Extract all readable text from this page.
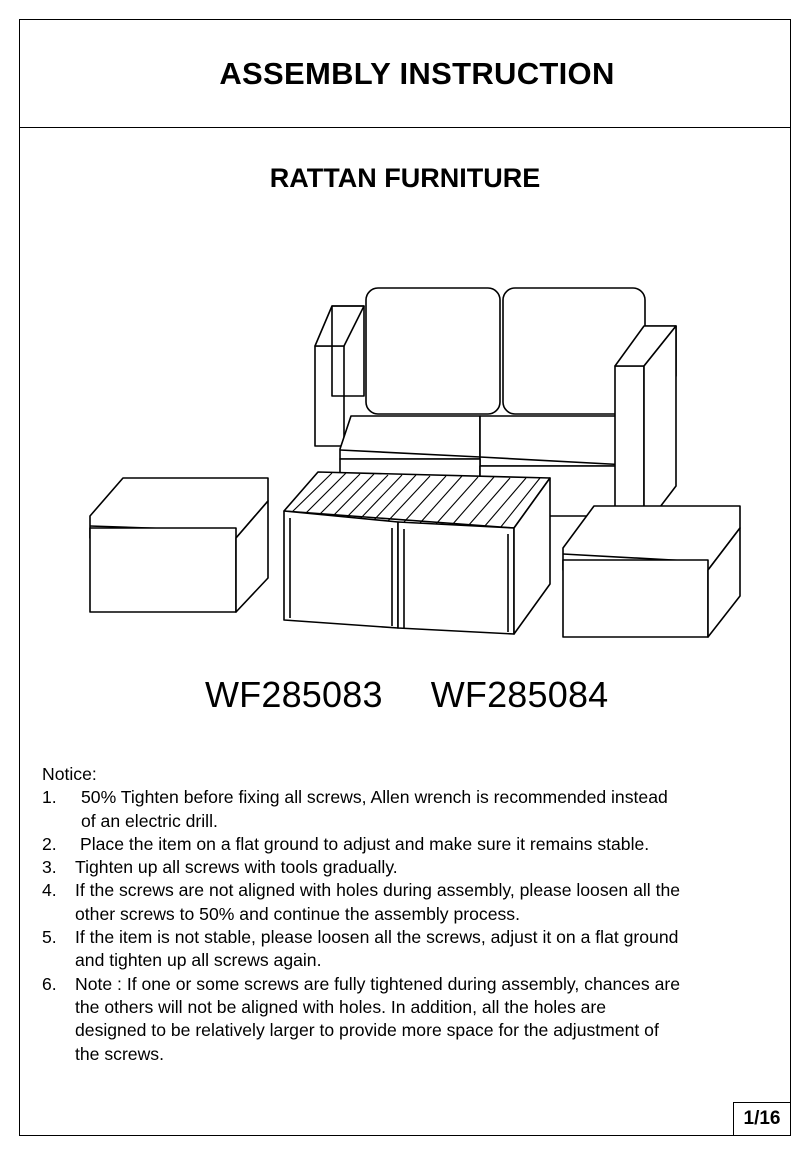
ASSEMBLY INSTRUCTION
RATTAN FURNITURE
WF285083 WF285084

Notice:

1. 50% Tighten before fixing all screws, Allen wrench is recommended instead of an electric drill.
2. Place the item on a flat ground to adjust and make sure it remains stable.
3. Tighten up all screws with tools gradually.
4. If the screws are not aligned with holes during assembly, please loosen all the other screws to 50% and continue the assembly process.
5. If the item is not stable, please loosen all the screws, adjust it on a flat ground and tighten up all screws again.
6. Note : If one or some screws are fully tightened during assembly, chances are the others will not be aligned with holes. In addition, all the holes are designed to be relatively larger to provide more space for the adjustment of the screws.
1/16
